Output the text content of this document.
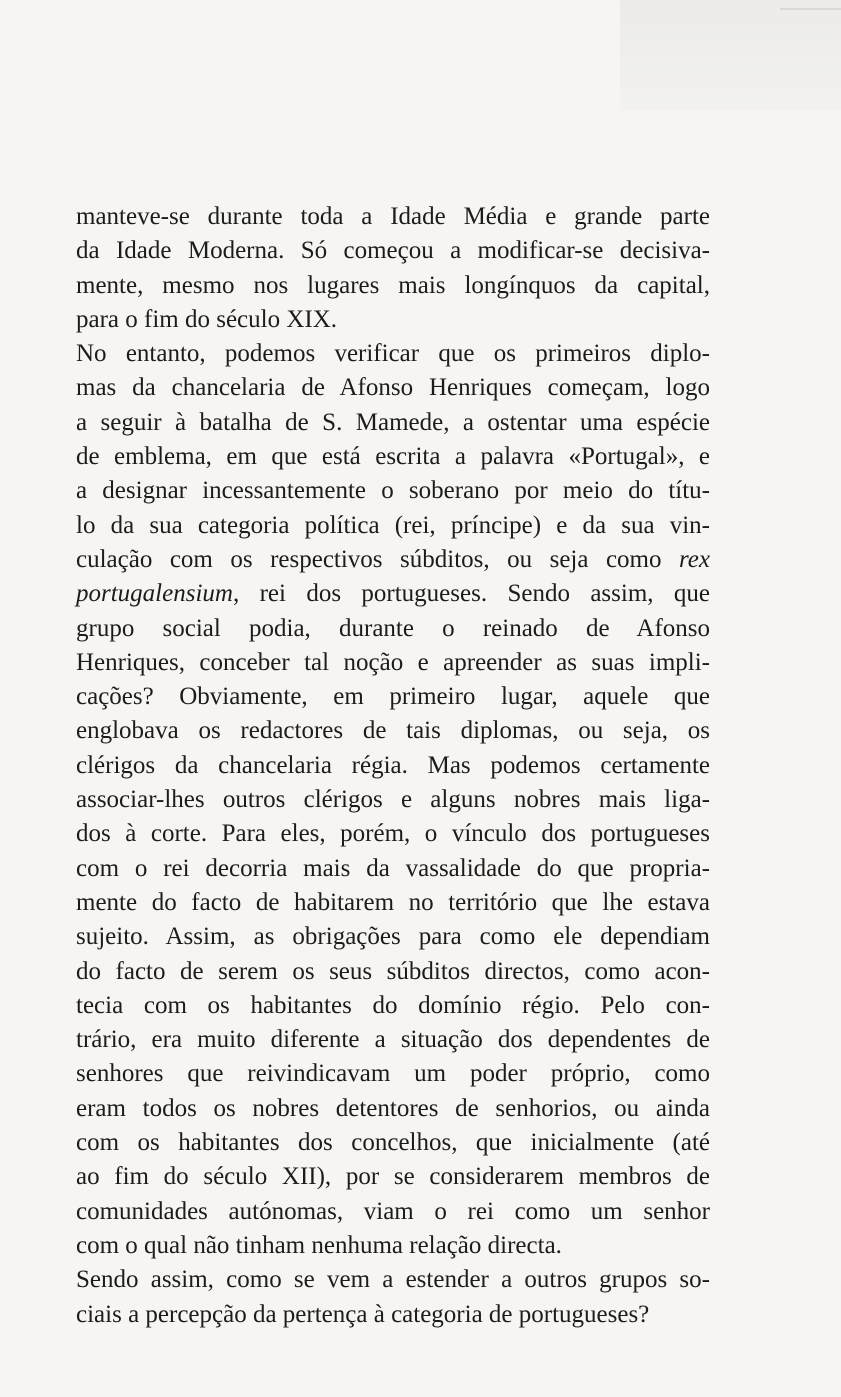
manteve-se durante toda a Idade Média e grande parte
da Idade Moderna. Só começou a modificar-se decisiva-
mente, mesmo nos lugares mais longínquos da capital,
para o fim do século XIX.
No entanto, podemos verificar que os primeiros diplo-
mas da chancelaria de Afonso Henriques começam, logo
a seguir à batalha de S. Mamede, a ostentar uma espécie
de emblema, em que está escrita a palavra «Portugal», e
a designar incessantemente o soberano por meio do títu-
lo da sua categoria política (rei, príncipe) e da sua vin-
culação com os respectivos súbditos, ou seja como rex
portugalensium, rei dos portugueses. Sendo assim, que
grupo social podia, durante o reinado de Afonso
Henriques, conceber tal noção e apreender as suas impli-
cações? Obviamente, em primeiro lugar, aquele que
englobava os redactores de tais diplomas, ou seja, os
clérigos da chancelaria régia. Mas podemos certamente
associar-lhes outros clérigos e alguns nobres mais liga-
dos à corte. Para eles, porém, o vínculo dos portugueses
com o rei decorria mais da vassalidade do que propria-
mente do facto de habitarem no território que lhe estava
sujeito. Assim, as obrigações para como ele dependiam
do facto de serem os seus súbditos directos, como acon-
tecia com os habitantes do domínio régio. Pelo con-
trário, era muito diferente a situação dos dependentes de
senhores que reivindicavam um poder próprio, como
eram todos os nobres detentores de senhorios, ou ainda
com os habitantes dos concelhos, que inicialmente (até
ao fim do século XII), por se considerarem membros de
comunidades autónomas, viam o rei como um senhor
com o qual não tinham nenhuma relação directa.
Sendo assim, como se vem a estender a outros grupos so-
ciais a percepção da pertença à categoria de portugueses?
